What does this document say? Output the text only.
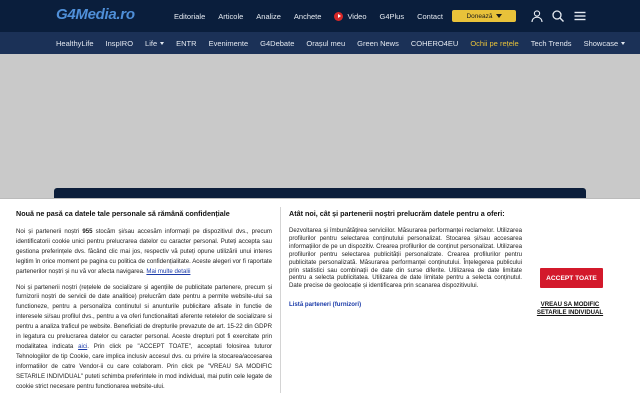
G4Media.ro	Editoriale Articole Analize Anchete	Video G4Plus Contact	Donează
HealthyLife InspIRO Life	ENTR Evenimente G4Debate Orașul meu Green News COHERO4EU Ochii pe rețele Tech Trends Showcase
Nouă ne pasă ca datele tale personale să rămână confidențiale

Noi și partenerii noștri 955 stocăm și/sau accesăm informații pe dispozitivul dvs., precum identificatorii cookie unici pentru prelucrarea datelor cu caracter personal. Puteți accepta sau gestiona preferințele dvs. făcând clic mai jos, respectiv vă puteți opune utilizării unui interes legitim în orice moment pe pagina cu politica de confidențialitate. Aceste alegeri vor fi raportate partenerilor noștri și nu vă vor afecta navigarea. Mai multe detalii

Noi și partenerii noștri (rețelele de socializare și agențiile de publicitate partenere, precum și furnizorii noștri de servicii de date analitice) prelucrăm date pentru a permite website-ului sa functioneze, pentru a personaliza continutul si anunturile publicitare afisate in functie de interesele si/sau profilul dvs., pentru a va oferi functionalitati aferente retelelor de socializare si pentru a analiza traficul pe website. Beneficiati de drepturile prevazute de art. 15-22 din GDPR in legatura cu prelucrarea datelor cu caracter personal. Aceste drepturi pot fi exercitate prin modalitatea indicata aici. Prin click pe "ACCEPT TOATE", acceptati folosirea tuturor Tehnologiilor de tip Cookie, care implica inclusiv accesul dvs. cu privire la stocarea/accesarea informatiilor de catre Vendor-ii cu care colaboram. Prin click pe "VREAU SA MODIFIC SETARILE INDIVIDUAL" puteti schimba preferintele in mod individual, mai putin cele legate de cookie strict necesare pentru functionarea website-ului.

Atât noi, cât și partenerii noștri prelucrăm datele pentru a oferi:

Dezvoltarea și îmbunătățirea serviciilor. Măsurarea performanței reclamelor. Utilizarea profilurilor pentru selectarea conținutului personalizat. Stocarea și/sau accesarea informațiilor de pe un dispozitiv. Crearea profilurilor de conținut personalizat. Utilizarea profilurilor pentru selectarea publicității personalizate. Crearea profilurilor pentru publicitate personalizată. Măsurarea performanței conținutului. Înțelegerea publicului prin statistici sau combinații de date din surse diferite. Utilizarea de date limitate pentru a selecta publicitatea. Utilizarea de date limitate pentru a selecta conținutul. Date precise de geolocație și identificarea prin scanarea dispozitivului.

Listă parteneri (furnizori)
ACCEPT TOATE
VREAU SA MODIFIC SETARILE INDIVIDUAL
